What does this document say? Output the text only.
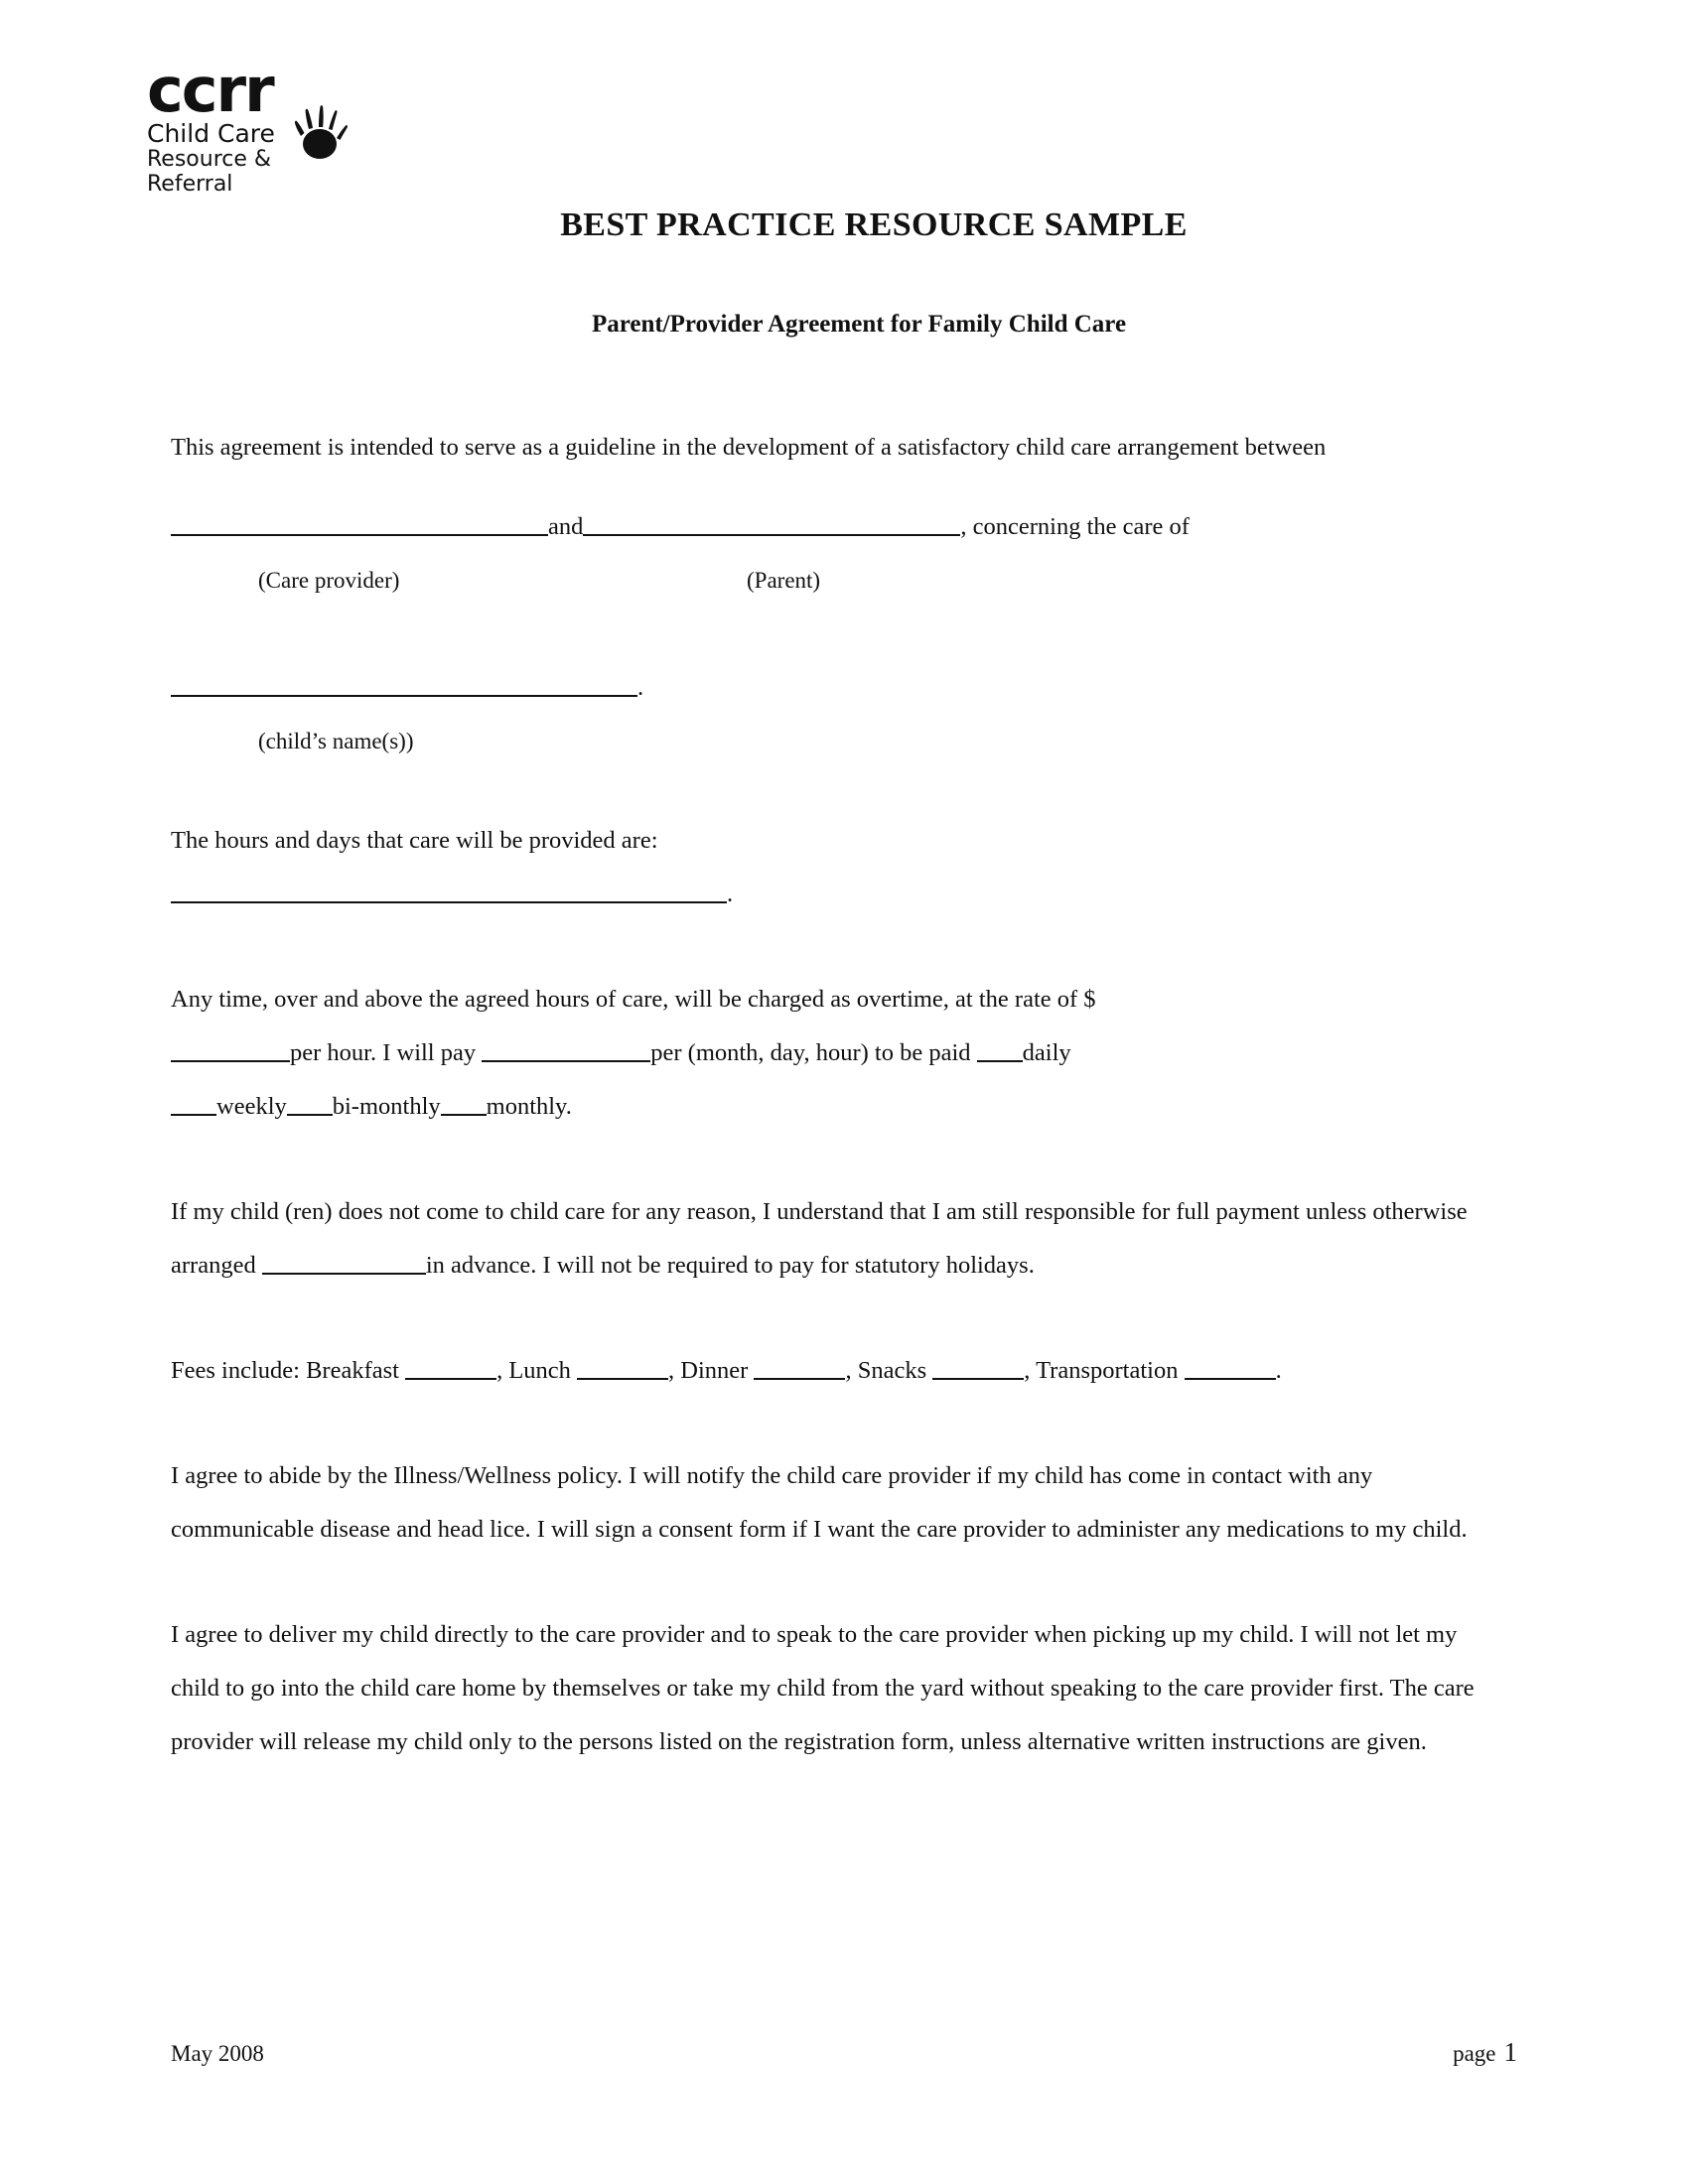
ccrr
Child Care
Resource & Referral
BEST PRACTICE RESOURCE SAMPLE
Parent/Provider Agreement for Family Child Care

This agreement is intended to serve as a guideline in the development of a satisfactory child care arrangement between

and	, concerning the care of

(Care provider)	(Parent)

.

(child’s name(s))

The hours and days that care will be provided are:

.

Any time, over and above the agreed hours of care, will be charged as overtime, at the rate of $
per hour. I will pay	per (month, day, hour) to be paid daily
weekly bi-monthly monthly.

If my child (ren) does not come to child care for any reason, I understand that I am still responsible for full payment unless otherwise arranged	in advance. I will not be required to pay for statutory holidays.

Fees include: Breakfast	, Lunch	, Dinner	, Snacks	, Transportation	.

I agree to abide by the Illness/Wellness policy. I will notify the child care provider if my child has come in contact with any communicable disease and head lice. I will sign a consent form if I want the care provider to administer any medications to my child.

I agree to deliver my child directly to the care provider and to speak to the care provider when picking up my child. I will not let my child to go into the child care home by themselves or take my child from the yard without speaking to the care provider first. The care provider will release my child only to the persons listed on the registration form, unless alternative written instructions are given.

May 2008	page 1
